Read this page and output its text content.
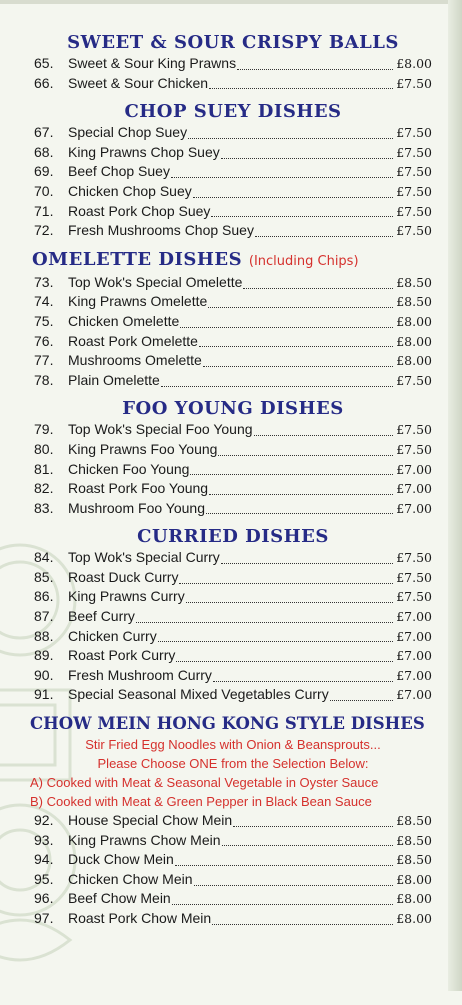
SWEET & SOUR CRISPY BALLS
65.	Sweet & Sour King Prawns	£8.00
66.	Sweet & Sour Chicken	£7.50
CHOP SUEY DISHES
67.	Special Chop Suey	£7.50
68.	King Prawns Chop Suey	£7.50
69.	Beef Chop Suey	£7.50
70.	Chicken Chop Suey	£7.50
71.	Roast Pork Chop Suey	£7.50
72.	Fresh Mushrooms Chop Suey	£7.50
OMELETTE DISHES (Including Chips)
73.	Top Wok's Special Omelette	£8.50
74.	King Prawns Omelette	£8.50
75.	Chicken Omelette	£8.00
76.	Roast Pork Omelette	£8.00
77.	Mushrooms Omelette	£8.00
78.	Plain Omelette	£7.50
FOO YOUNG DISHES
79.	Top Wok's Special Foo Young	£7.50
80.	King Prawns Foo Young	£7.50
81.	Chicken Foo Young	£7.00
82.	Roast Pork Foo Young	£7.00
83.	Mushroom Foo Young	£7.00
CURRIED DISHES
84.	Top Wok's Special Curry	£7.50
85.	Roast Duck Curry	£7.50
86.	King Prawns Curry	£7.50
87.	Beef Curry	£7.00
88.	Chicken Curry	£7.00
89.	Roast Pork Curry	£7.00
90.	Fresh Mushroom Curry	£7.00
91.	Special Seasonal Mixed Vegetables Curry	£7.00
CHOW MEIN HONG KONG STYLE DISHES
Stir Fried Egg Noodles with Onion & Beansprouts...
Please Choose ONE from the Selection Below:
A) Cooked with Meat & Seasonal Vegetable in Oyster Sauce
B) Cooked with Meat & Green Pepper in Black Bean Sauce
92.	House Special Chow Mein	£8.50
93.	King Prawns Chow Mein	£8.50
94.	Duck Chow Mein	£8.50
95.	Chicken Chow Mein	£8.00
96.	Beef Chow Mein	£8.00
97.	Roast Pork Chow Mein	£8.00
